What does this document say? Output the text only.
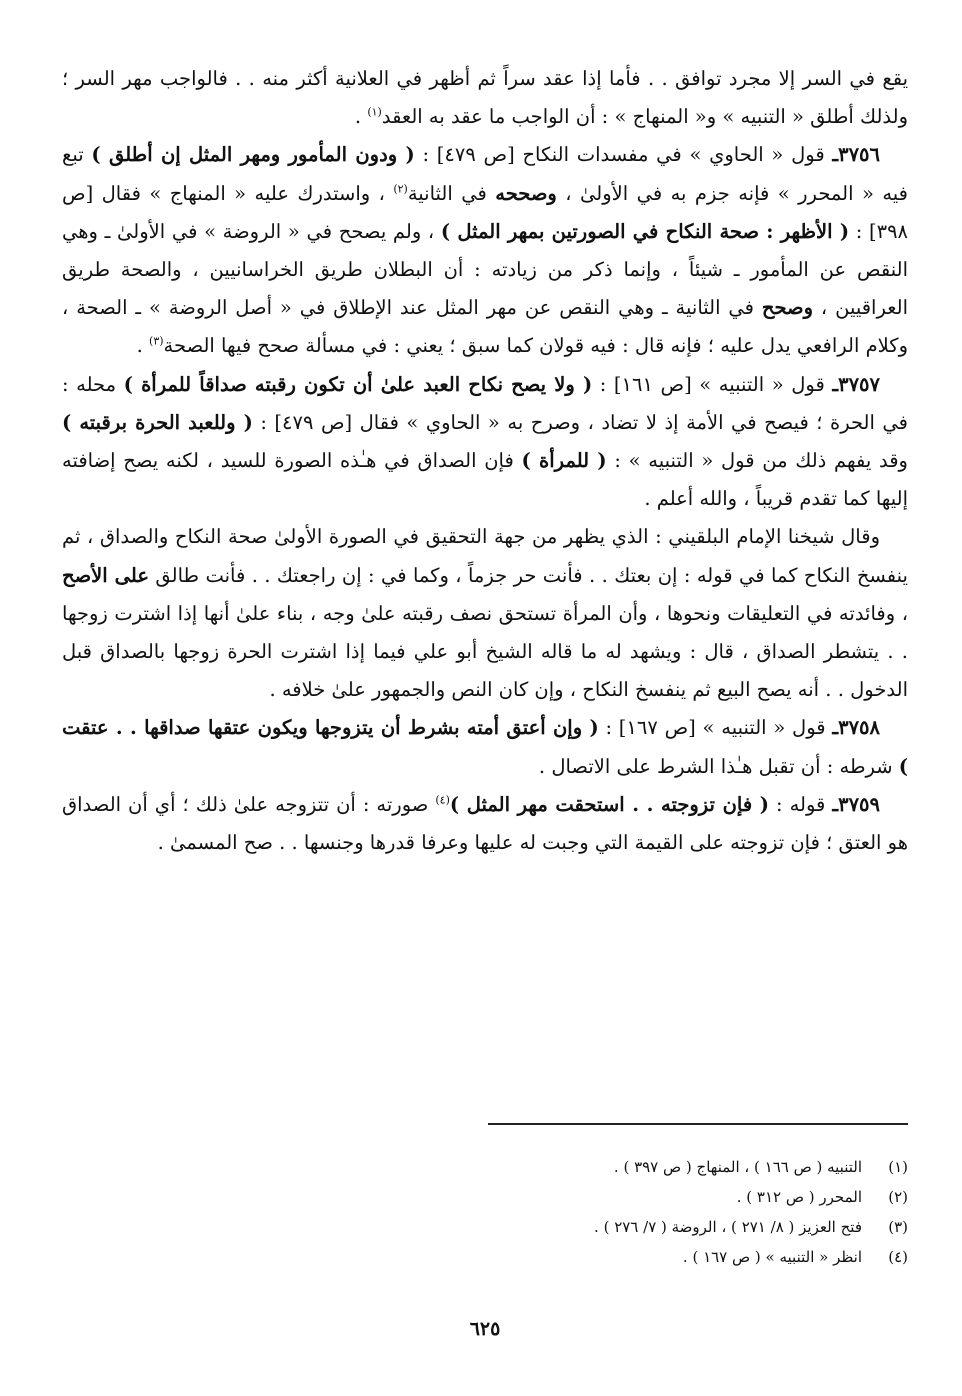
يقع في السر إلا مجرد توافق . . فأما إذا عقد سراً ثم أظهر في العلانية أكثر منه . . فالواجب مهر السر ؛ ولذلك أطلق « التنبيه » و« المنهاج » : أن الواجب ما عقد به العقد$^{(١)}$ .

٣٧٥٦ـ قول « الحاوي » في مفسدات النكاح [ص ٤٧٩] : ( ودون المأمور ومهر المثل إن أطلق ) تبع فيه « المحرر » فإنه جزم به في الأولىٰ ، وصححه في الثانية$^{(٢)}$ ، واستدرك عليه « المنهاج » فقال [ص ٣٩٨] : ( الأظهر : صحة النكاح في الصورتين بمهر المثل ) ، ولم يصحح في « الروضة » في الأولىٰ ـ وهي النقص عن المأمور ـ شيئاً ، وإنما ذكر من زيادته : أن البطلان طريق الخراسانيين ، والصحة طريق العراقيين ، وصحح في الثانية ـ وهي النقص عن مهر المثل عند الإطلاق في « أصل الروضة » ـ الصحة ، وكلام الرافعي يدل عليه ؛ فإنه قال : فيه قولان كما سبق ؛ يعني : في مسألة صحح فيها الصحة$^{(٣)}$ .

٣٧٥٧ـ قول « التنبيه » [ص ١٦١] : ( ولا يصح نكاح العبد علىٰ أن تكون رقبته صداقاً للمرأة ) محله : في الحرة ؛ فيصح في الأمة إذ لا تضاد ، وصرح به « الحاوي » فقال [ص ٤٧٩] : ( وللعبد الحرة برقبته ) وقد يفهم ذلك من قول « التنبيه » : ( للمرأة ) فإن الصداق في هـٰذه الصورة للسيد ، لكنه يصح إضافته إليها كما تقدم قريباً ، والله أعلم .

وقال شيخنا الإمام البلقيني : الذي يظهر من جهة التحقيق في الصورة الأولىٰ صحة النكاح والصداق ، ثم ينفسخ النكاح كما في قوله : إن بعتك . . فأنت حر جزماً ، وكما في : إن راجعتك . . فأنت طالق على الأصح ، وفائدته في التعليقات ونحوها ، وأن المرأة تستحق نصف رقبته علىٰ وجه ، بناء علىٰ أنها إذا اشترت زوجها . . يتشطر الصداق ، قال : ويشهد له ما قاله الشيخ أبو علي فيما إذا اشترت الحرة زوجها بالصداق قبل الدخول . . أنه يصح البيع ثم ينفسخ النكاح ، وإن كان النص والجمهور علىٰ خلافه .

٣٧٥٨ـ قول « التنبيه » [ص ١٦٧] : ( وإن أعتق أمته بشرط أن يتزوجها ويكون عتقها صداقها . . عتقت ) شرطه : أن تقبل هـٰذا الشرط على الاتصال .

٣٧٥٩ـ قوله : ( فإن تزوجته . . استحقت مهر المثل )$^{(٤)}$ صورته : أن تتزوجه علىٰ ذلك ؛ أي أن الصداق هو العتق ؛ فإن تزوجته على القيمة التي وجبت له عليها وعرفا قدرها وجنسها . . صح المسمىٰ .

(١)
التنبيه ( ص ١٦٦ ) ، المنهاج ( ص ٣٩٧ ) .
(٢)
المحرر ( ص ٣١٢ ) .
(٣)
فتح العزيز ( ٨/ ٢٧١ ) ، الروضة ( ٧/ ٢٧٦ ) .
(٤)
انظر « التنبيه » ( ص ١٦٧ ) .
٦٢٥
